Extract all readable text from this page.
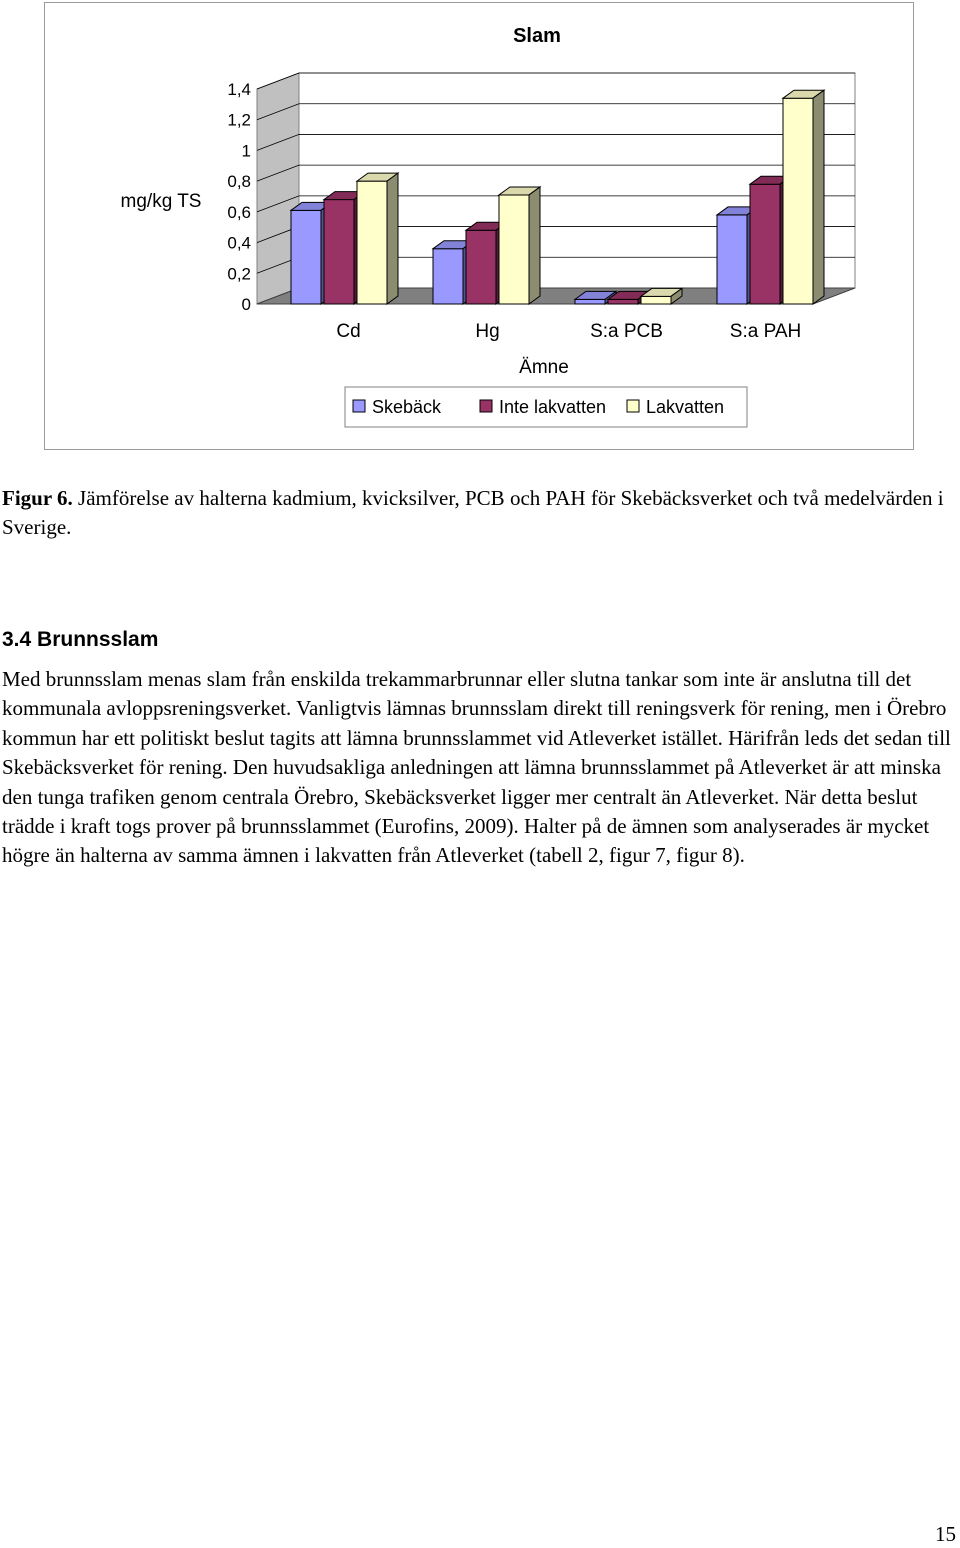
Slam
mg/kg TS
Ämne
0
0,2
0,4
0,6
0,8
1
1,2
1,4
Cd	Hg	S:a PCB	S:a PAH
Skebäck	Inte lakvatten Lakvatten
Figur 6. Jämförelse av halterna kadmium, kvicksilver, PCB och PAH för Skebäcksverket och två medelvärden i Sverige.
3.4 Brunnsslam
Med brunnsslam menas slam från enskilda trekammarbrunnar eller slutna tankar som inte är anslutna till det kommunala avloppsreningsverket. Vanligtvis lämnas brunnsslam direkt till reningsverk för rening, men i Örebro kommun har ett politiskt beslut tagits att lämna brunnsslammet vid Atleverket istället. Härifrån leds det sedan till Skebäcksverket för rening. Den huvudsakliga anledningen att lämna brunnsslammet på Atleverket är att minska den tunga trafiken genom centrala Örebro, Skebäcksverket ligger mer centralt än Atleverket. När detta beslut trädde i kraft togs prover på brunnsslammet (Eurofins, 2009). Halter på de ämnen som analyserades är mycket högre än halterna av samma ämnen i lakvatten från Atleverket (tabell 2, figur 7, figur 8).
15
